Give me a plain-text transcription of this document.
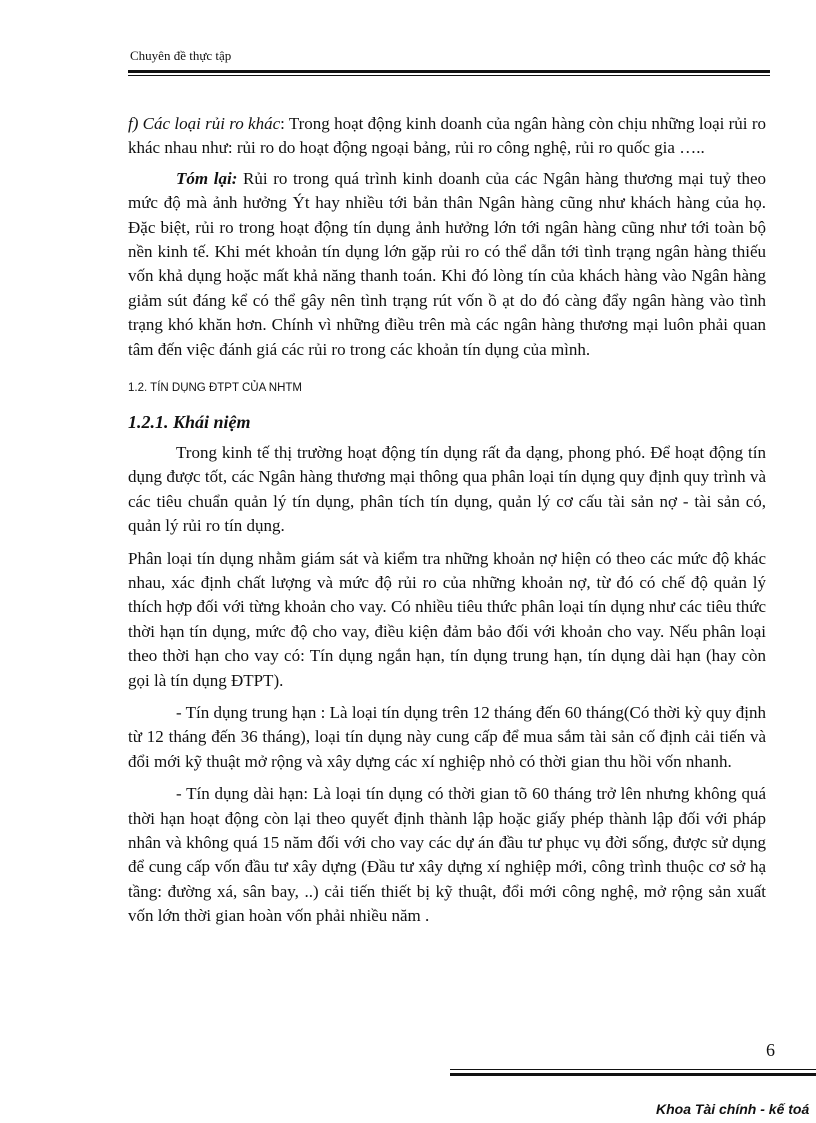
Chuyên đề thực tập

f) Các loại rủi ro khác: Trong hoạt động kinh doanh của ngân hàng còn chịu những loại rủi ro khác nhau như: rủi ro do hoạt động ngoại bảng, rủi ro công nghệ, rủi ro quốc gia …..

Tóm lại: Rủi ro trong quá trình kinh doanh của các Ngân hàng thương mại tuỷ theo mức độ mà ảnh hưởng Ýt hay nhiều tới bản thân Ngân hàng cũng như khách hàng của họ. Đặc biệt, rủi ro trong hoạt động tín dụng ảnh hưởng lớn tới ngân hàng cũng như tới toàn bộ nền kinh tế. Khi mét khoản tín dụng lớn gặp rủi ro có thể dẫn tới tình trạng ngân hàng thiếu vốn khả dụng hoặc mất khả năng thanh toán. Khi đó lòng tín của khách hàng vào Ngân hàng giảm sút đáng kể có thể gây nên tình trạng rút vốn ồ ạt do đó càng đẩy ngân hàng vào tình trạng khó khăn hơn. Chính vì những điều trên mà các ngân hàng thương mại luôn phải quan tâm đến việc đánh giá các rủi ro trong các khoản tín dụng của mình.

1.2. TÍN DỤNG ĐTPT CỦA NHTM

1.2.1. Khái niệm

Trong kinh tế thị trường hoạt động tín dụng rất đa dạng, phong phó. Để hoạt động tín dụng được tốt, các Ngân hàng thương mại thông qua phân loại tín dụng quy định quy trình và các tiêu chuẩn quản lý tín dụng, phân tích tín dụng, quản lý cơ cấu tài sản nợ - tài sản có, quản lý rủi ro tín dụng.

Phân loại tín dụng nhằm giám sát và kiểm tra những khoản nợ hiện có theo các mức độ khác nhau, xác định chất lượng và mức độ rủi ro của những khoản nợ, từ đó có chế độ quản lý thích hợp đối với từng khoản cho vay. Có nhiều tiêu thức phân loại tín dụng như các tiêu thức thời hạn tín dụng, mức độ cho vay, điều kiện đảm bảo đối với khoản cho vay. Nếu phân loại theo thời hạn cho vay có: Tín dụng ngắn hạn, tín dụng trung hạn, tín dụng dài hạn (hay còn gọi là tín dụng ĐTPT).

- Tín dụng trung hạn : Là loại tín dụng trên 12 tháng đến 60 tháng(Có thời kỳ quy định từ 12 tháng đến 36 tháng), loại tín dụng này cung cấp để mua sắm tài sản cố định cải tiến và đổi mới kỹ thuật mở rộng và xây dựng các xí nghiệp nhỏ có thời gian thu hồi vốn nhanh.

- Tín dụng dài hạn: Là loại tín dụng có thời gian tõ 60 tháng trở lên nhưng không quá thời hạn hoạt động còn lại theo quyết định thành lập hoặc giấy phép thành lập đối với pháp nhân và không quá 15 năm đối với cho vay các dự án đầu tư phục vụ đời sống, được sử dụng để cung cấp vốn đầu tư xây dựng (Đầu tư xây dựng xí nghiệp mới, công trình thuộc cơ sở hạ tầng: đường xá, sân bay, ..) cải tiến thiết bị kỹ thuật, đổi mới công nghệ, mở rộng sản xuất vốn lớn thời gian hoàn vốn phải nhiều năm .

6
Khoa Tài chính - kế toá
